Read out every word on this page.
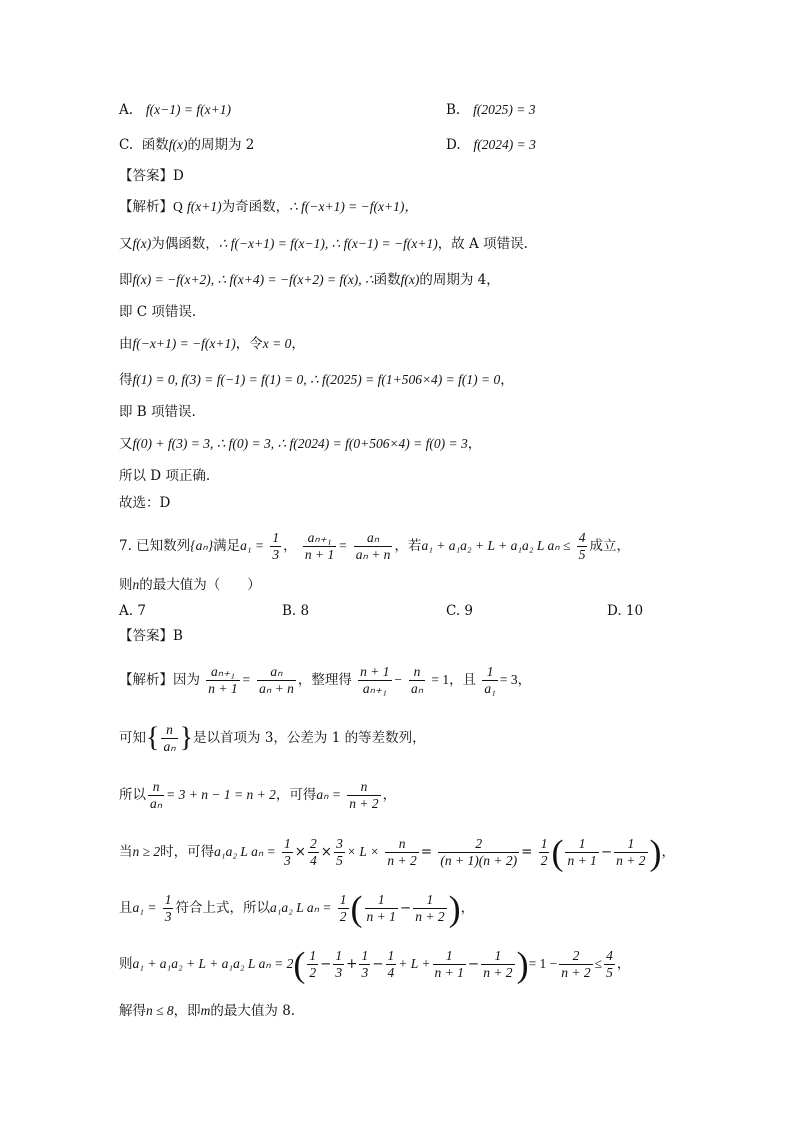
A. f(x−1) = f(x+1)	B. f(2025) = 3
C. 函数f(x)的周期为 2	D. f(2024) = 3
【答案】D
【解析】Q f(x+1)为奇函数，∴ f(−x+1) = −f(x+1)，
又f(x)为偶函数，∴ f(−x+1) = f(x−1), ∴ f(x−1) = −f(x+1)，故 A 项错误.
即f(x) = −f(x+2), ∴ f(x+4) = −f(x+2) = f(x), ∴函数f(x)的周期为 4，
即 C 项错误.
由f(−x+1) = −f(x+1)，令x = 0，
得f(1) = 0, f(3) = f(−1) = f(1) = 0, ∴ f(2025) = f(1+506×4) = f(1) = 0，
即 B 项错误.
又f(0) + f(3) = 3, ∴ f(0) = 3, ∴ f(2024) = f(0+506×4) = f(0) = 3，
所以 D 项正确.
故选：D
7. 已知数列{aₙ}满足$a_1 = \frac{1}{3}$ ， $\frac{\text{aₙ₊₁}}{n + 1} = \frac{\text{aₙ}}{\text{aₙ + n}}$ ，若a₁ + a₁a₂ + L + a₁a₂ L $a_n \le \frac{4}{5}$ 成立，
则n的最大值为（　　）
A. 7	B. 8	C. 9	D. 10
【答案】B
【解析】因为 $\frac{\text{aₙ₊₁}}{n + 1} = \frac{\text{aₙ}}{\text{aₙ + n}}$ ，整理得 $\frac{n + 1}{\text{aₙ₊₁}} - \frac{n}{\text{aₙ}} = 1$，且 $\frac{1}{\text{a₁}} = 3$，
可知{ $\frac{n}{\text{aₙ}}$ }是以首项为 3，公差为 1 的等差数列，
所以 $\frac{n}{\text{aₙ}} = 3 + n - 1 = n + 2$，可得$a_n = \frac{n}{n + 2}$ ，
当n ≥ 2时，可得a₁a₂ L $a_n = \frac{1}{3} \times \frac{2}{4} \times \frac{3}{5} \times L \times \frac{n}{n + 2} = \frac{2}{(n + 1)(n + 2)} = \frac{1}{2}$ ( $\frac{1}{n + 1} - \frac{1}{n + 2}$ )，
且$a_1 = \frac{1}{3}$ 符合上式，所以a₁a₂ L $a_n = \frac{1}{2}$ ( $\frac{1}{n + 1} - \frac{1}{n + 2}$ )，
则a₁ + a₁a₂ + L + a₁a₂ L $a_n = 2( \frac{1}{2} - \frac{1}{3} + \frac{1}{3} - \frac{1}{4} + L + \frac{1}{n + 1} - \frac{1}{n + 2}$ )= $1 - \frac{2}{n + 2} \le \frac{4}{5}$ ，
解得n ≤ 8，即m的最大值为 8.
